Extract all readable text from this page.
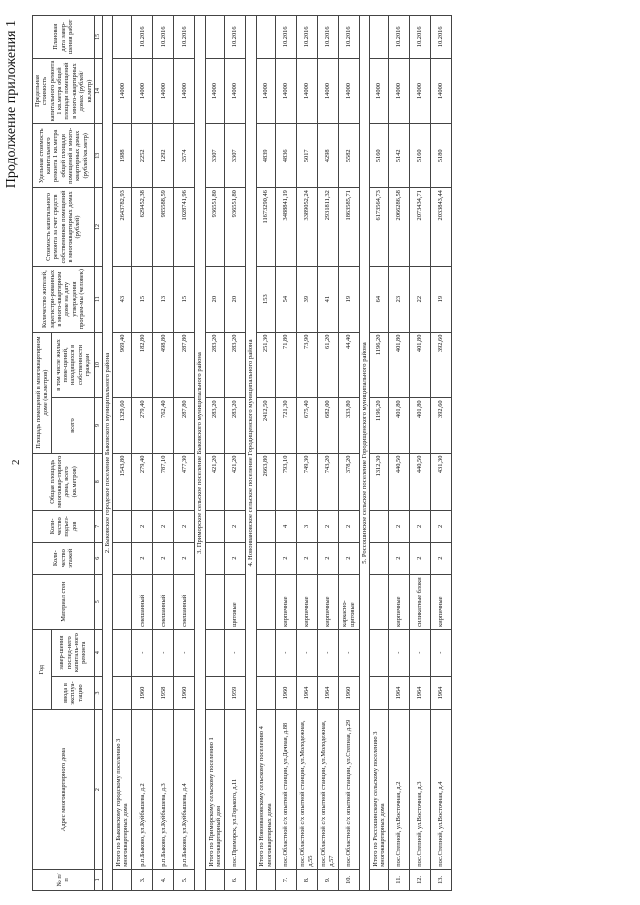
2
Продолжение приложения 1
№ п/п	Адрес многоквартирного дома	Год		Материал стен	Коли-чество этажей	Коли-чество подъез-дов	Общая площадь многоквар-тирного дома, всего (кв.метров)	Площадь помещений в многоквартирном доме (кв.метров)		Количество жителей, зарегистри-рованных в много-квартирном доме на дату утверждения програм-мы (человек)	Стоимость капитального ремонта за счет средств собственников помещений в многоквартирных домах (рублей)	Удельная стоимость капитального ремонта 1 кв.метра общей площади помещений в много-квартирных домах (рублей/кв.метр)	Предельная стоимость капитального ремонта 1 кв.метра общей площади помещений в много-квартирных домах (рублей/кв.метр)	Плановая дата завер-шения работ
		ввода в эксплуа-тацию	завер-шения послед-него капиталь-ного ремонта					всего	в том числе жилых поме-щений, находящихся в собственности граждан					
1	2	3	4	5	6	7	8	9	10	11	12	13	14	15
2. Быковское городское поселение Быковского муниципального района														
	Итого по Быковскому городскому поселению 3 многоквартирных дома						1543,80	1329,60	969,40	43	2643782,93	1988	14000	
3.	р.п.Быково, ул.Куйбышева, д.2	1960	-	смешанный	2	2	279,40	279,40	182,80	15	629452,38	2252	14000	10.2016
4.	р.п.Быково, ул.Куйбышева, д.3	1958	-	смешанный	2	2	787,10	762,40	498,80	13	985588,59	1292	14000	10.2016
5.	р.п.Быково, ул.Куйбышева, д.4	1960	-	смешанный	2	2	477,30	287,80	287,80	15	1028741,96	3574	14000	10.2016
3. Приморское сельское поселение Быковского муниципального района														
	Итого по Приморскому сельскому поселению 1 многоквартирный дом						421,20	283,20	283,20	20	936551,80	3307	14000	
6.	пос.Приморск, ул.Горького, д.11	1959	-	щитовые	2	2	421,20	283,20	283,20	20	936551,80	3307	14000	10.2016
4. Новоивановское сельское поселение Городищенского муниципального района														
	Итого по Новоивановскому сельскому поселению 4 многоквартирных дома						2663,80	2412,50	251,30	153	11673290,46	4839	14000	
7.	пос.Областной с/х опытной станции, ул.Дачная, д.88	1960	-	кирпичные	2	4	793,10	721,30	71,80	54	3488841,19	4836	14000	10.2016
8.	пос.Областной с/х опытной станции, ул.Молодежная, д.55	1964	-	кирпичные	2	3	749,30	675,40	73,90	39	3389052,24	5017	14000	10.2016
9.	пос.Областной с/х опытной станции, ул.Молодежная, д.57	1964	-	кирпичные	2	2	743,20	682,00	61,20	41	2931811,32	4298	14000	10.2016
10.	пос.Областной с/х опытной станции, ул.Степная, д.29	1960	-	каркасно-щитовые	2	2	378,20	333,80	44,40	19	1863585,71	5582	14000	10.2016
5. Россошинское сельское поселение Городищенского муниципального района														
	Итого по Россошинскому сельскому поселению 3 многоквартирных дома						1312,30	1196,20	1196,20	64	6173564,73	5160	14000	
11.	пос.Степной, ул.Восточная, д.2	1964	-	кирпичные	2	2	440,50	401,80	401,80	23	2066286,58	5142	14000	10.2016
12.	пос.Степной, ул.Восточная, д.3	1964	-	силикатные блоки	2	2	440,50	401,80	401,80	22	2073434,71	5160	14000	10.2016
13.	пос.Степной, ул.Восточная, д.4	1964	-	кирпичные	2	2	431,30	392,60	392,60	19	2033843,44	5180	14000	10.2016
